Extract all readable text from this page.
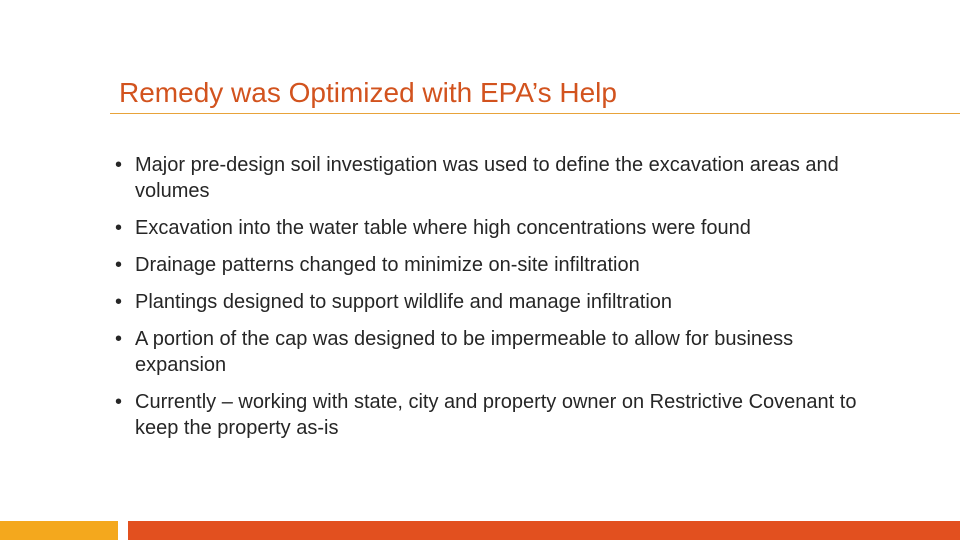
Remedy was Optimized with EPA’s Help
• Major pre-design soil investigation was used to define the excavation areas and volumes
• Excavation into the water table where high concentrations were found
• Drainage patterns changed to minimize on-site infiltration
• Plantings designed to support wildlife and manage infiltration
• A portion of the cap was designed to be impermeable to allow for business expansion
• Currently – working with state, city and property owner on Restrictive Covenant to keep the property as-is
